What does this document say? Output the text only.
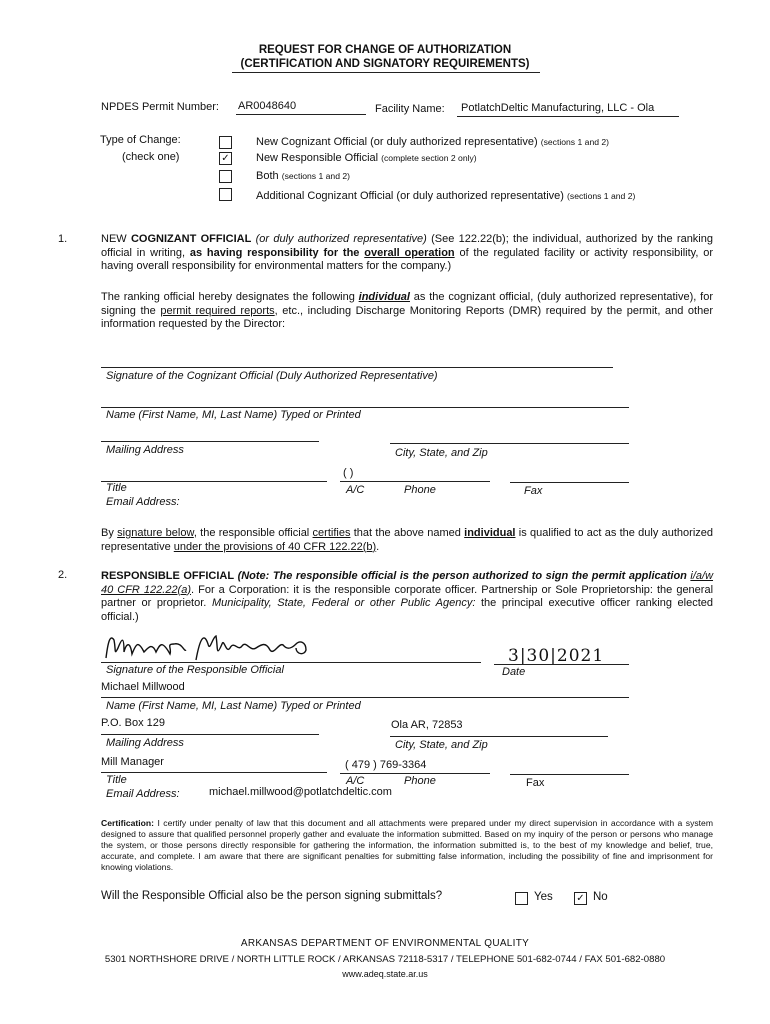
REQUEST FOR CHANGE OF AUTHORIZATION
(CERTIFICATION AND SIGNATORY REQUIREMENTS)
NPDES Permit Number: AR0048640	Facility Name: PotlatchDeltic Manufacturing, LLC - Ola
Type of Change:
(check one)
New Cognizant Official (or duly authorized representative) (sections 1 and 2)
✓ New Responsible Official (complete section 2 only)
Both (sections 1 and 2)
Additional Cognizant Official (or duly authorized representative) (sections 1 and 2)
1.	NEW COGNIZANT OFFICIAL (or duly authorized representative) (See 122.22(b); the individual, authorized by the ranking official in writing, as having responsibility for the overall operation of the regulated facility or activity responsibility, or having overall responsibility for environmental matters for the company.)
The ranking official hereby designates the following individual as the cognizant official, (duly authorized representative), for signing the permit required reports, etc., including Discharge Monitoring Reports (DMR) required by the permit, and other information requested by the Director:
Signature of the Cognizant Official (Duly Authorized Representative)
Name (First Name, MI, Last Name) Typed or Printed
Mailing Address	City, State, and Zip
( )
Title	A/C	Phone	Fax
Email Address:
By signature below, the responsible official certifies that the above named individual is qualified to act as the duly authorized representative under the provisions of 40 CFR 122.22(b).
2.	RESPONSIBLE OFFICIAL (Note: The responsible official is the person authorized to sign the permit application i/a/w 40 CFR 122.22(a). For a Corporation: it is the responsible corporate officer. Partnership or Sole Proprietorship: the general partner or proprietor. Municipality, State, Federal or other Public Agency: the principal executive officer ranking elected official.)
3|30|2021
Signature of the Responsible Official	Date
Michael Millwood
Name (First Name, MI, Last Name) Typed or Printed
P.O. Box 129	Ola AR, 72853
Mailing Address	City, State, and Zip
Mill Manager	( 479 ) 769-3364
Title	A/C	Phone	Fax
Email Address:	michael.millwood@potlatchdeltic.com
Certification: I certify under penalty of law that this document and all attachments were prepared under my direct supervision in accordance with a system designed to assure that qualified personnel properly gather and evaluate the information submitted. Based on my inquiry of the person or persons who manage the system, or those persons directly responsible for gathering the information, the information submitted is, to the best of my knowledge and belief, true, accurate, and complete. I am aware that there are significant penalties for submitting false information, including the possibility of fine and imprisonment for knowing violations.
Will the Responsible Official also be the person signing submittals?	Yes ✓ No
ARKANSAS DEPARTMENT OF ENVIRONMENTAL QUALITY
5301 NORTHSHORE DRIVE / NORTH LITTLE ROCK / ARKANSAS 72118-5317 / TELEPHONE 501-682-0744 / FAX 501-682-0880
www.adeq.state.ar.us
